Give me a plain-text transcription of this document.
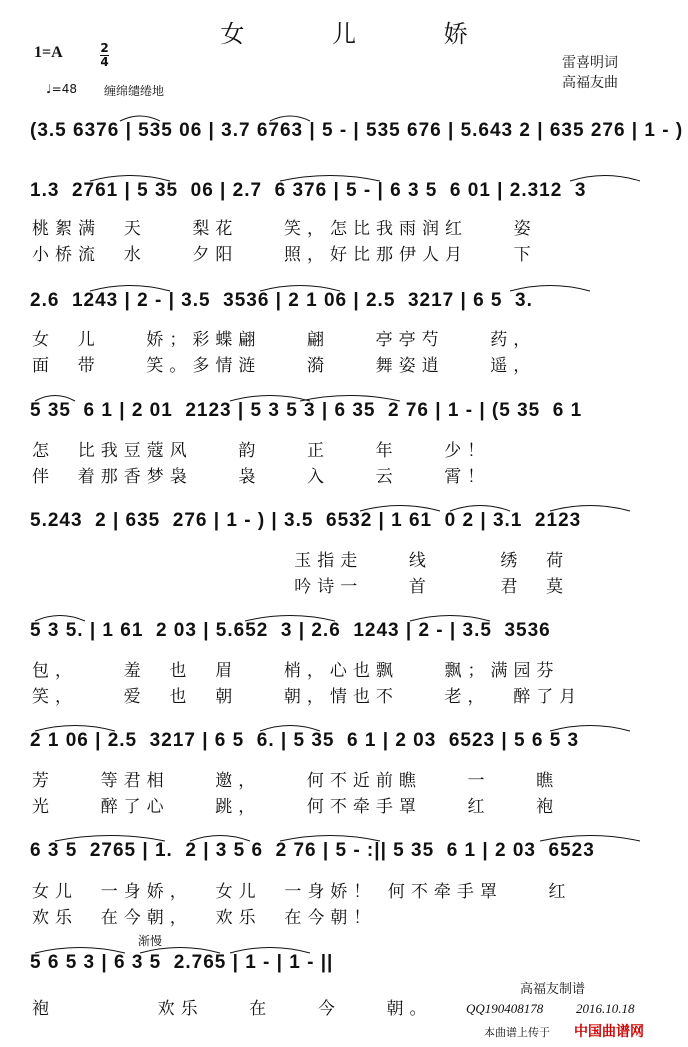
女 儿 娇
1=A	2
4
♩=48 缠绵缱绻地
雷喜明词
高福友曲
(3.5 6376 | 535 06 | 3.7 6763 | 5 - | 535 676 | 5.643 2 | 635 276 | 1 - )
1.3  2761 | 5 35  06 | 2.7  6 376 | 5 - | 6 3 5  6 01 | 2.312  3
桃絮满  天    梨花    笑，怎比我雨润红    姿
小桥流  水    夕阳    照，好比那伊人月    下
2.6  1243 | 2 - | 3.5  3536 | 2 1 06 | 2.5  3217 | 6 5  3.
女  儿    娇；彩蝶翩    翩    亭亭芍    药，
面  带    笑。多情涟    漪    舞姿逍    遥，
5 35  6 1 | 2 01  2123 | 5 3 5 3 | 6 35  2 76 | 1 - | (5 35  6 1
怎  比我豆蔻风    韵    正    年    少！
伴  着那香梦袅    袅    入    云    霄！
5.243  2 | 635  276 | 1 - ) | 3.5  6532 | 1 61  0 2 | 3.1  2123
玉指走    线      绣  荷
吟诗一    首      君  莫
5 3 5. | 1 61  2 03 | 5.652  3 | 2.6  1243 | 2 - | 3.5  3536
包，    羞  也  眉    梢，心也飘    飘；满园芬
笑，    爱  也  朝    朝，情也不    老，  醉了月
2 1 06 | 2.5  3217 | 6 5  6. | 5 35  6 1 | 2 03  6523 | 5 6 5 3
芳    等君相    邀，    何不近前瞧    一    瞧
光    醉了心    跳，    何不牵手罩    红    袍
6 3 5  2765 | 1.  2 | 3 5 6  2 76 | 5 - :|| 5 35  6 1 | 2 03  6523
女儿  一身娇，  女儿  一身娇！ 何不牵手罩    红
欢乐  在今朝，  欢乐  在今朝！
渐慢
5 6 5 3 | 6 3 5  2.765 | 1 - | 1 - ||
袍         欢乐    在    今    朝。
高福友制谱
QQ190408178	2016.10.18
本曲谱上传于 中国曲谱网
